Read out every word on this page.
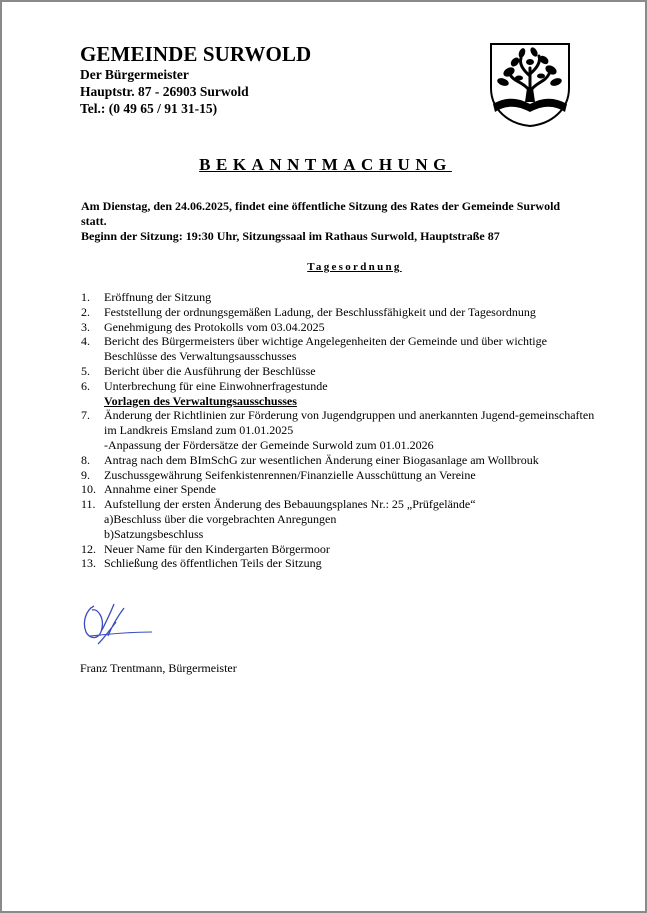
GEMEINDE SURWOLD
Der Bürgermeister
Hauptstr. 87 - 26903 Surwold
Tel.: (0 49 65 / 91 31-15)
BEKANNTMACHUNG
Am Dienstag, den 24.06.2025, findet eine öffentliche Sitzung des Rates der Gemeinde Surwold statt.
Beginn der Sitzung: 19:30 Uhr, Sitzungssaal im Rathaus Surwold, Hauptstraße 87
Tagesordnung
1.	Eröffnung der Sitzung
2.	Feststellung der ordnungsgemäßen Ladung, der Beschlussfähigkeit und der Tagesordnung
3.	Genehmigung des Protokolls vom 03.04.2025
4.	Bericht des Bürgermeisters über wichtige Angelegenheiten der Gemeinde und über wichtige Beschlüsse des Verwaltungsausschusses
5.	Bericht über die Ausführung der Beschlüsse
6.	Unterbrechung für eine Einwohnerfragestunde
Vorlagen des Verwaltungsausschusses
7.	Änderung der Richtlinien zur Förderung von Jugendgruppen und anerkannten Jugend-gemeinschaften im Landkreis Emsland zum 01.01.2025
-Anpassung der Fördersätze der Gemeinde Surwold zum 01.01.2026
8.	Antrag nach dem BImSchG zur wesentlichen Änderung einer Biogasanlage am Wollbrouk
9.	Zuschussgewährung Seifenkistenrennen/Finanzielle Ausschüttung an Vereine
10. Annahme einer Spende
11. Aufstellung der ersten Änderung des Bebauungsplanes Nr.: 25 „Prüfgelände“
a)Beschluss über die vorgebrachten Anregungen
b)Satzungsbeschluss
12. Neuer Name für den Kindergarten Börgermoor
13. Schließung des öffentlichen Teils der Sitzung
Franz Trentmann, Bürgermeister
